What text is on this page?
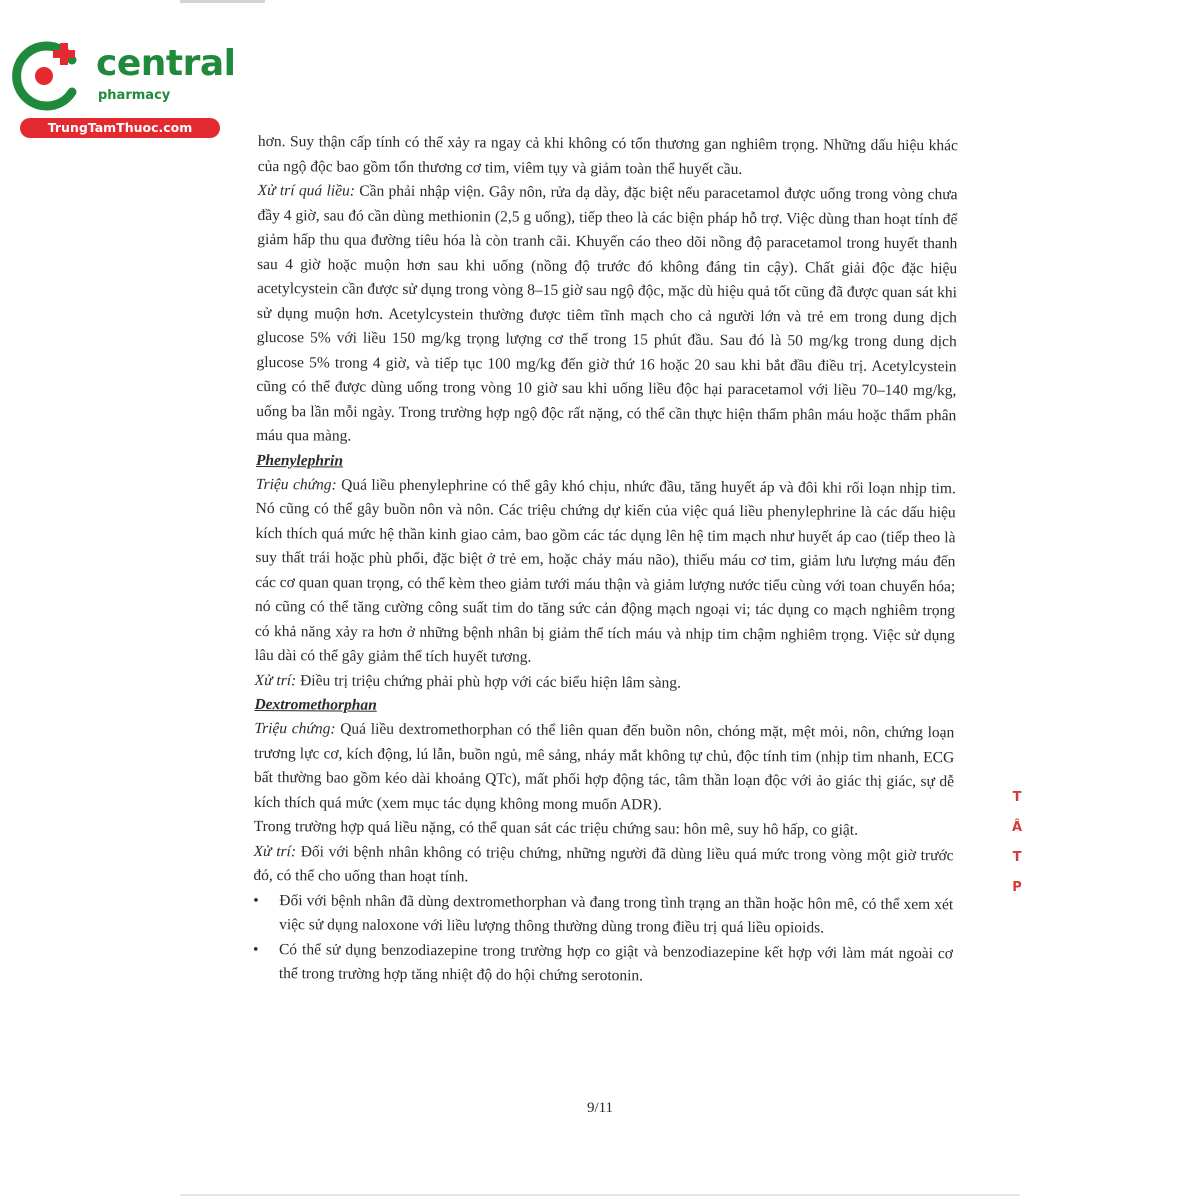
central
pharmacy
TrungTamThuoc.com

hơn. Suy thận cấp tính có thể xảy ra ngay cả khi không có tổn thương gan nghiêm trọng. Những dấu hiệu khác của ngộ độc bao gồm tổn thương cơ tim, viêm tụy và giảm toàn thể huyết cầu.

Xử trí quá liều: Cần phải nhập viện. Gây nôn, rửa dạ dày, đặc biệt nếu paracetamol được uống trong vòng chưa đầy 4 giờ, sau đó cần dùng methionin (2,5 g uống), tiếp theo là các biện pháp hỗ trợ. Việc dùng than hoạt tính để giảm hấp thu qua đường tiêu hóa là còn tranh cãi. Khuyến cáo theo dõi nồng độ paracetamol trong huyết thanh sau 4 giờ hoặc muộn hơn sau khi uống (nồng độ trước đó không đáng tin cậy). Chất giải độc đặc hiệu acetylcystein cần được sử dụng trong vòng 8–15 giờ sau ngộ độc, mặc dù hiệu quả tốt cũng đã được quan sát khi sử dụng muộn hơn. Acetylcystein thường được tiêm tĩnh mạch cho cả người lớn và trẻ em trong dung dịch glucose 5% với liều 150 mg/kg trọng lượng cơ thể trong 15 phút đầu. Sau đó là 50 mg/kg trong dung dịch glucose 5% trong 4 giờ, và tiếp tục 100 mg/kg đến giờ thứ 16 hoặc 20 sau khi bắt đầu điều trị. Acetylcystein cũng có thể được dùng uống trong vòng 10 giờ sau khi uống liều độc hại paracetamol với liều 70–140 mg/kg, uống ba lần mỗi ngày. Trong trường hợp ngộ độc rất nặng, có thể cần thực hiện thẩm phân máu hoặc thẩm phân máu qua màng.

Phenylephrin

Triệu chứng: Quá liều phenylephrine có thể gây khó chịu, nhức đầu, tăng huyết áp và đôi khi rối loạn nhịp tim. Nó cũng có thể gây buồn nôn và nôn. Các triệu chứng dự kiến của việc quá liều phenylephrine là các dấu hiệu kích thích quá mức hệ thần kinh giao cảm, bao gồm các tác dụng lên hệ tim mạch như huyết áp cao (tiếp theo là suy thất trái hoặc phù phổi, đặc biệt ở trẻ em, hoặc chảy máu não), thiếu máu cơ tim, giảm lưu lượng máu đến các cơ quan quan trọng, có thể kèm theo giảm tưới máu thận và giảm lượng nước tiểu cùng với toan chuyển hóa; nó cũng có thể tăng cường công suất tim do tăng sức cản động mạch ngoại vi; tác dụng co mạch nghiêm trọng có khả năng xảy ra hơn ở những bệnh nhân bị giảm thể tích máu và nhịp tim chậm nghiêm trọng. Việc sử dụng lâu dài có thể gây giảm thể tích huyết tương.

Xử trí: Điều trị triệu chứng phải phù hợp với các biểu hiện lâm sàng.

Dextromethorphan

Triệu chứng: Quá liều dextromethorphan có thể liên quan đến buồn nôn, chóng mặt, mệt mỏi, nôn, chứng loạn trương lực cơ, kích động, lú lẫn, buồn ngủ, mê sảng, nháy mắt không tự chủ, độc tính tim (nhịp tim nhanh, ECG bất thường bao gồm kéo dài khoảng QTc), mất phối hợp động tác, tâm thần loạn độc với ảo giác thị giác, sự dễ kích thích quá mức (xem mục tác dụng không mong muốn ADR).

Trong trường hợp quá liều nặng, có thể quan sát các triệu chứng sau: hôn mê, suy hô hấp, co giật.

Xử trí: Đối với bệnh nhân không có triệu chứng, những người đã dùng liều quá mức trong vòng một giờ trước đó, có thể cho uống than hoạt tính.

•	Đối với bệnh nhân đã dùng dextromethorphan và đang trong tình trạng an thần hoặc hôn mê, có thể xem xét việc sử dụng naloxone với liều lượng thông thường dùng trong điều trị quá liều opioids.
•	Có thể sử dụng benzodiazepine trong trường hợp co giật và benzodiazepine kết hợp với làm mát ngoài cơ thể trong trường hợp tăng nhiệt độ do hội chứng serotonin.
9/11
T
Â
T
P
